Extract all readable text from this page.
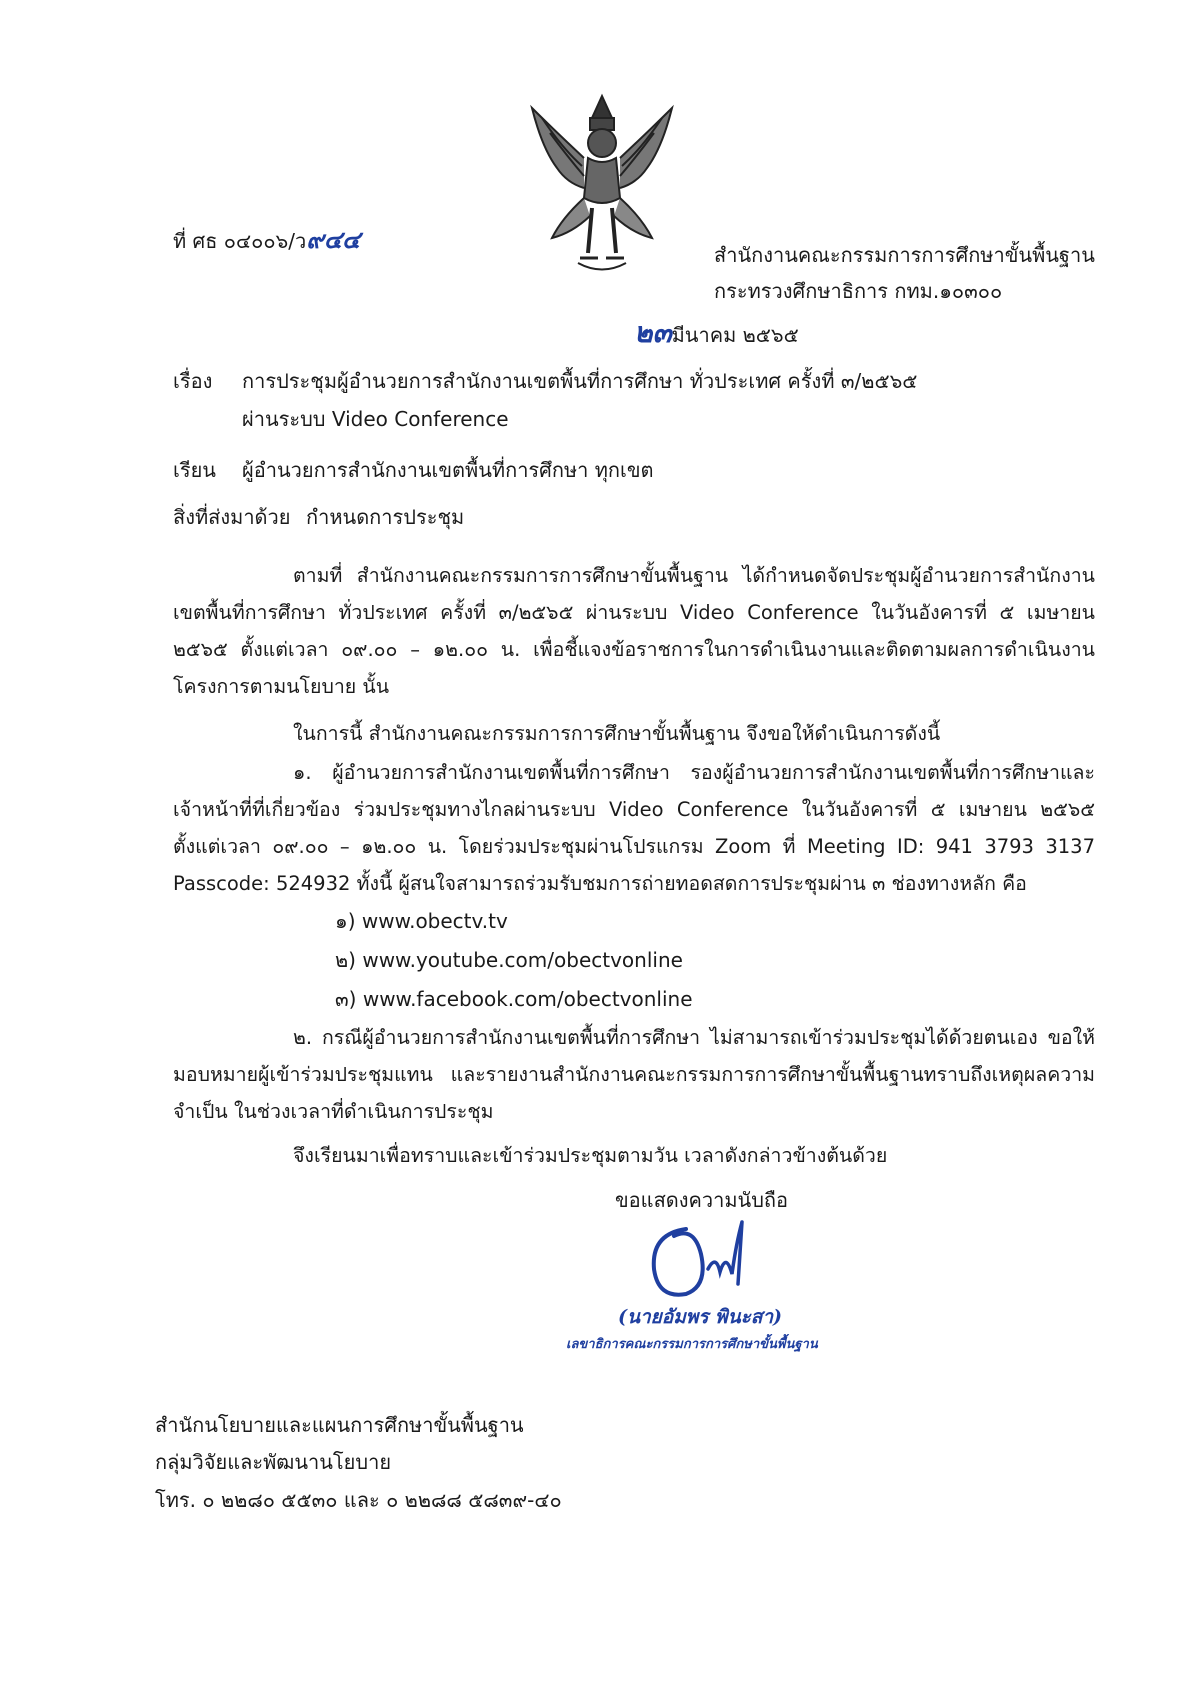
ที่ ศธ ๐๔๐๐๖/ว๙๔๔
สำนักงานคณะกรรมการการศึกษาขั้นพื้นฐาน
กระทรวงศึกษาธิการ กทม.๑๐๓๐๐
๒๓มีนาคม ๒๕๖๕
เรื่อง การประชุมผู้อำนวยการสำนักงานเขตพื้นที่การศึกษา ทั่วประเทศ ครั้งที่ ๓/๒๕๖๕
ผ่านระบบ Video Conference
เรียน ผู้อำนวยการสำนักงานเขตพื้นที่การศึกษา ทุกเขต
สิ่งที่ส่งมาด้วย กำหนดการประชุม
ตามที่ สำนักงานคณะกรรมการการศึกษาขั้นพื้นฐาน ได้กำหนดจัดประชุมผู้อำนวยการสำนักงานเขตพื้นที่การศึกษา ทั่วประเทศ ครั้งที่ ๓/๒๕๖๕ ผ่านระบบ Video Conference ในวันอังคารที่ ๕ เมษายน ๒๕๖๕ ตั้งแต่เวลา ๐๙.๐๐ – ๑๒.๐๐ น. เพื่อชี้แจงข้อราชการในการดำเนินงานและติดตามผลการดำเนินงานโครงการตามนโยบาย นั้น
ในการนี้ สำนักงานคณะกรรมการการศึกษาขั้นพื้นฐาน จึงขอให้ดำเนินการดังนี้
๑. ผู้อำนวยการสำนักงานเขตพื้นที่การศึกษา รองผู้อำนวยการสำนักงานเขตพื้นที่การศึกษาและเจ้าหน้าที่ที่เกี่ยวข้อง ร่วมประชุมทางไกลผ่านระบบ Video Conference ในวันอังคารที่ ๕ เมษายน ๒๕๖๕ ตั้งแต่เวลา ๐๙.๐๐ – ๑๒.๐๐ น. โดยร่วมประชุมผ่านโปรแกรม Zoom ที่ Meeting ID: 941 3793 3137 Passcode: 524932 ทั้งนี้ ผู้สนใจสามารถร่วมรับชมการถ่ายทอดสดการประชุมผ่าน ๓ ช่องทางหลัก คือ
๑) www.obectv.tv
๒) www.youtube.com/obectvonline
๓) www.facebook.com/obectvonline
๒. กรณีผู้อำนวยการสำนักงานเขตพื้นที่การศึกษา ไม่สามารถเข้าร่วมประชุมได้ด้วยตนเอง ขอให้มอบหมายผู้เข้าร่วมประชุมแทน และรายงานสำนักงานคณะกรรมการการศึกษาขั้นพื้นฐานทราบถึงเหตุผลความจำเป็น ในช่วงเวลาที่ดำเนินการประชุม
จึงเรียนมาเพื่อทราบและเข้าร่วมประชุมตามวัน เวลาดังกล่าวข้างต้นด้วย
ขอแสดงความนับถือ
(นายอัมพร พินะสา)
เลขาธิการคณะกรรมการการศึกษาขั้นพื้นฐาน
สำนักนโยบายและแผนการศึกษาขั้นพื้นฐาน
กลุ่มวิจัยและพัฒนานโยบาย
โทร. ๐ ๒๒๘๐ ๕๕๓๐ และ ๐ ๒๒๘๘ ๕๘๓๙-๔๐
